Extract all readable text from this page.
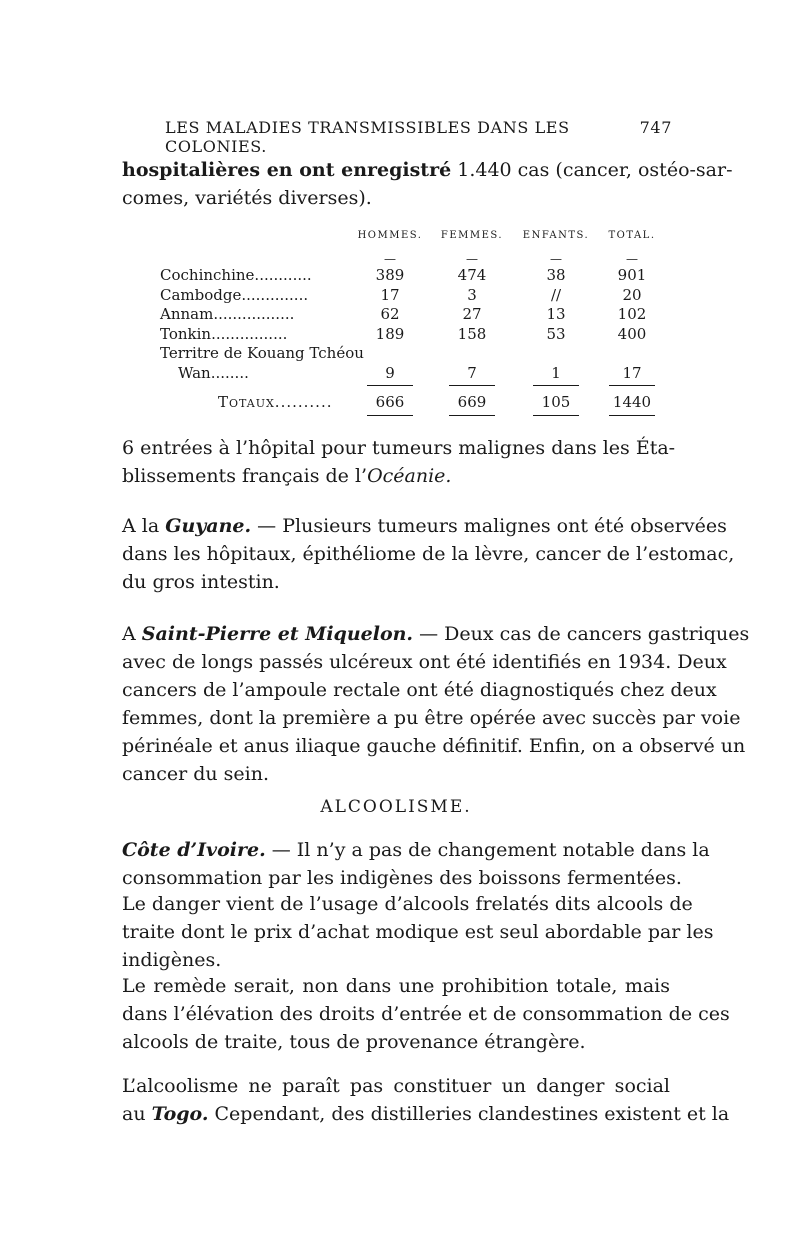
LES MALADIES TRANSMISSIBLES DANS LES COLONIES.
747
hospitalières en ont enregistré 1.440 cas (cancer, ostéo-sar-
comes, variétés diverses).
HOMMES.	FEMMES.	ENFANTS.	TOTAL.
—	—	—	—
Cochinchine............	389	474	38	901
Cambodge..............	17	3	//	20
Annam.................	62	27	13	102
Tonkin................	189	158	53	400
Territre de Kouang Tchéou
Wan........	9	7	1	17
Totaux..........	666	669	105	1440
6 entrées à l’hôpital pour tumeurs malignes dans les Éta-
blissements français de l’Océanie.
A la Guyane. — Plusieurs tumeurs malignes ont été observées
dans les hôpitaux, épithéliome de la lèvre, cancer de l’estomac,
du gros intestin.
A Saint-Pierre et Miquelon. — Deux cas de cancers gastriques
avec de longs passés ulcéreux ont été identifiés en 1934. Deux
cancers de l’ampoule rectale ont été diagnostiqués chez deux
femmes, dont la première a pu être opérée avec succès par voie
périnéale et anus iliaque gauche définitif. Enfin, on a observé un
cancer du sein.
ALCOOLISME.
Côte d’Ivoire. — Il n’y a pas de changement notable dans la
consommation par les indigènes des boissons fermentées.
Le danger vient de l’usage d’alcools frelatés dits alcools de
traite dont le prix d’achat modique est seul abordable par les
indigènes.
Le remède serait, non dans une prohibition totale, mais
dans l’élévation des droits d’entrée et de consommation de ces
alcools de traite, tous de provenance étrangère.
L’alcoolisme ne paraît pas constituer un danger social
au Togo. Cependant, des distilleries clandestines existent et la
